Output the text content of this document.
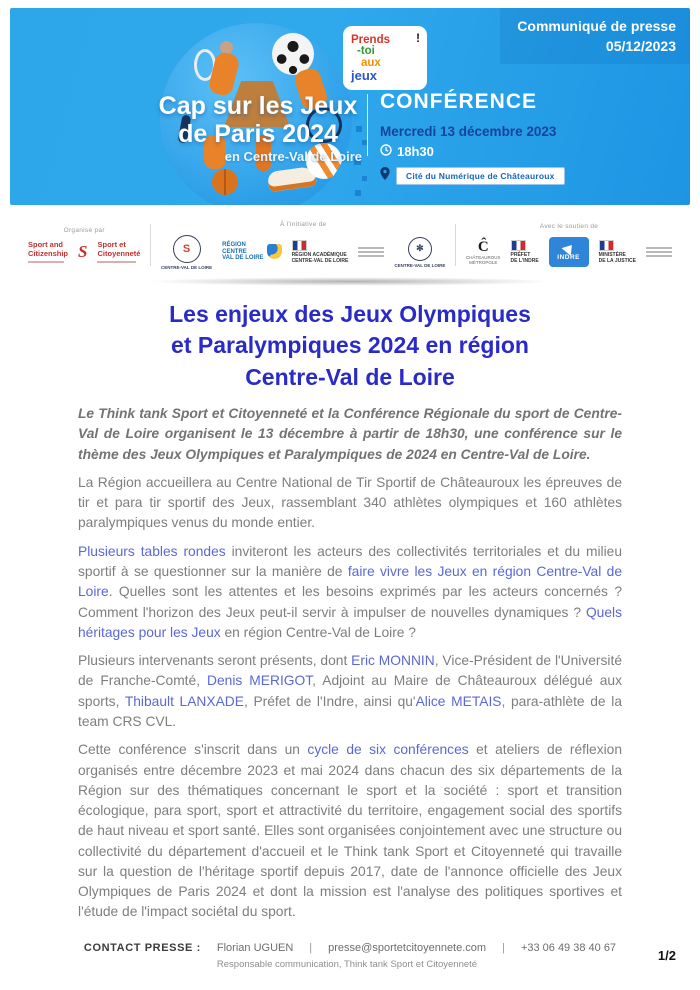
Communiqué de presse
05/12/2023
Prends
-toi
aux
jeux
!
Cap sur les Jeux
de Paris 2024
en Centre-Val de Loire
CONFÉRENCE
Mercredi 13 décembre 2023
18h30
Cité du Numérique de Châteauroux
Organisé par
Sport and
Citizenship S Sport et
Citoyenneté
À l'initiative de
S
CENTRE-VAL DE LOIRE
RÉGION
CENTRE
VAL DE LOIRE
RÉGION ACADÉMIQUE
CENTRE-VAL DE LOIRE
✻
CENTRE-VAL DE LOIRE
Avec le soutien de
Ĉ
CHÂTEAUROUX
MÉTROPOLE
PRÉFET
DE L'INDRE
INDRE	MINISTÈRE
DE LA JUSTICE
Les enjeux des Jeux Olympiques
et Paralympiques 2024 en région
Centre-Val de Loire

Le Think tank Sport et Citoyenneté et la Conférence Régionale du sport de Centre-Val de Loire organisent le 13 décembre à partir de 18h30, une conférence sur le thème des Jeux Olympiques et Paralympiques de 2024 en Centre-Val de Loire.

La Région accueillera au Centre National de Tir Sportif de Châteauroux les épreuves de tir et para tir sportif des Jeux, rassemblant 340 athlètes olympiques et 160 athlètes paralympiques venus du monde entier.

Plusieurs tables rondes inviteront les acteurs des collectivités territoriales et du milieu sportif à se questionner sur la manière de faire vivre les Jeux en région Centre-Val de Loire. Quelles sont les attentes et les besoins exprimés par les acteurs concernés ? Comment l'horizon des Jeux peut-il servir à impulser de nouvelles dynamiques ? Quels héritages pour les Jeux en région Centre-Val de Loire ?

Plusieurs intervenants seront présents, dont Eric MONNIN, Vice-Président de l'Université de Franche-Comté, Denis MERIGOT, Adjoint au Maire de Châteauroux délégué aux sports, Thibault LANXADE, Préfet de l'Indre, ainsi qu'Alice METAIS, para-athlète de la team CRS CVL.

Cette conférence s'inscrit dans un cycle de six conférences et ateliers de réflexion organisés entre décembre 2023 et mai 2024 dans chacun des six départements de la Région sur des thématiques concernant le sport et la société : sport et transition écologique, para sport, sport et attractivité du territoire, engagement social des sportifs de haut niveau et sport santé. Elles sont organisées conjointement avec une structure ou collectivité du département d'accueil et le Think tank Sport et Citoyenneté qui travaille sur la question de l'héritage sportif depuis 2017, date de l'annonce officielle des Jeux Olympiques de Paris 2024 et dont la mission est l'analyse des politiques sportives et l'étude de l'impact sociétal du sport.

CONTACT PRESSE : Florian UGUEN | presse@sportetcitoyennete.com | +33 06 49 38 40 67
Responsable communication, Think tank Sport et Citoyenneté
1/2
